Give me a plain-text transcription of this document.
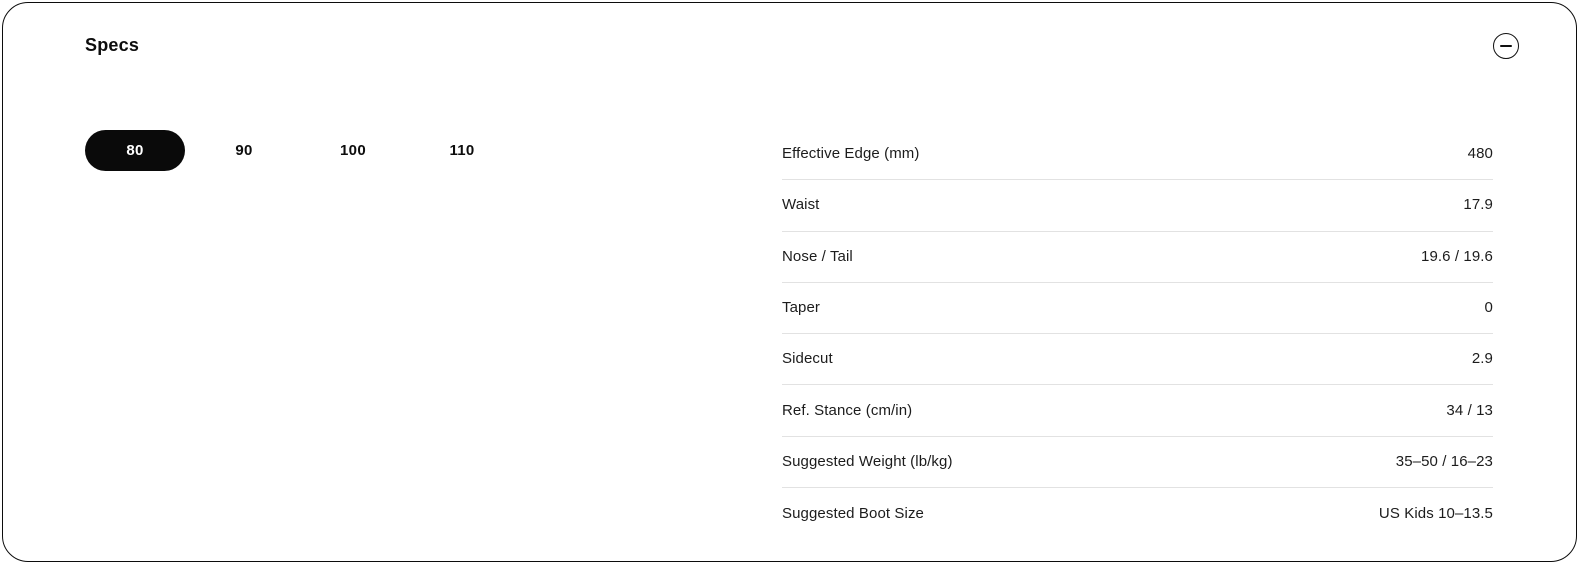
Specs
80	90	100	110	Effective Edge (mm)	480
Waist	17.9
Nose / Tail	19.6 / 19.6
Taper	0
Sidecut	2.9
Ref. Stance (cm/in)	34 / 13
Suggested Weight (lb/kg)	35–50 / 16–23
Suggested Boot Size	US Kids 10–13.5
